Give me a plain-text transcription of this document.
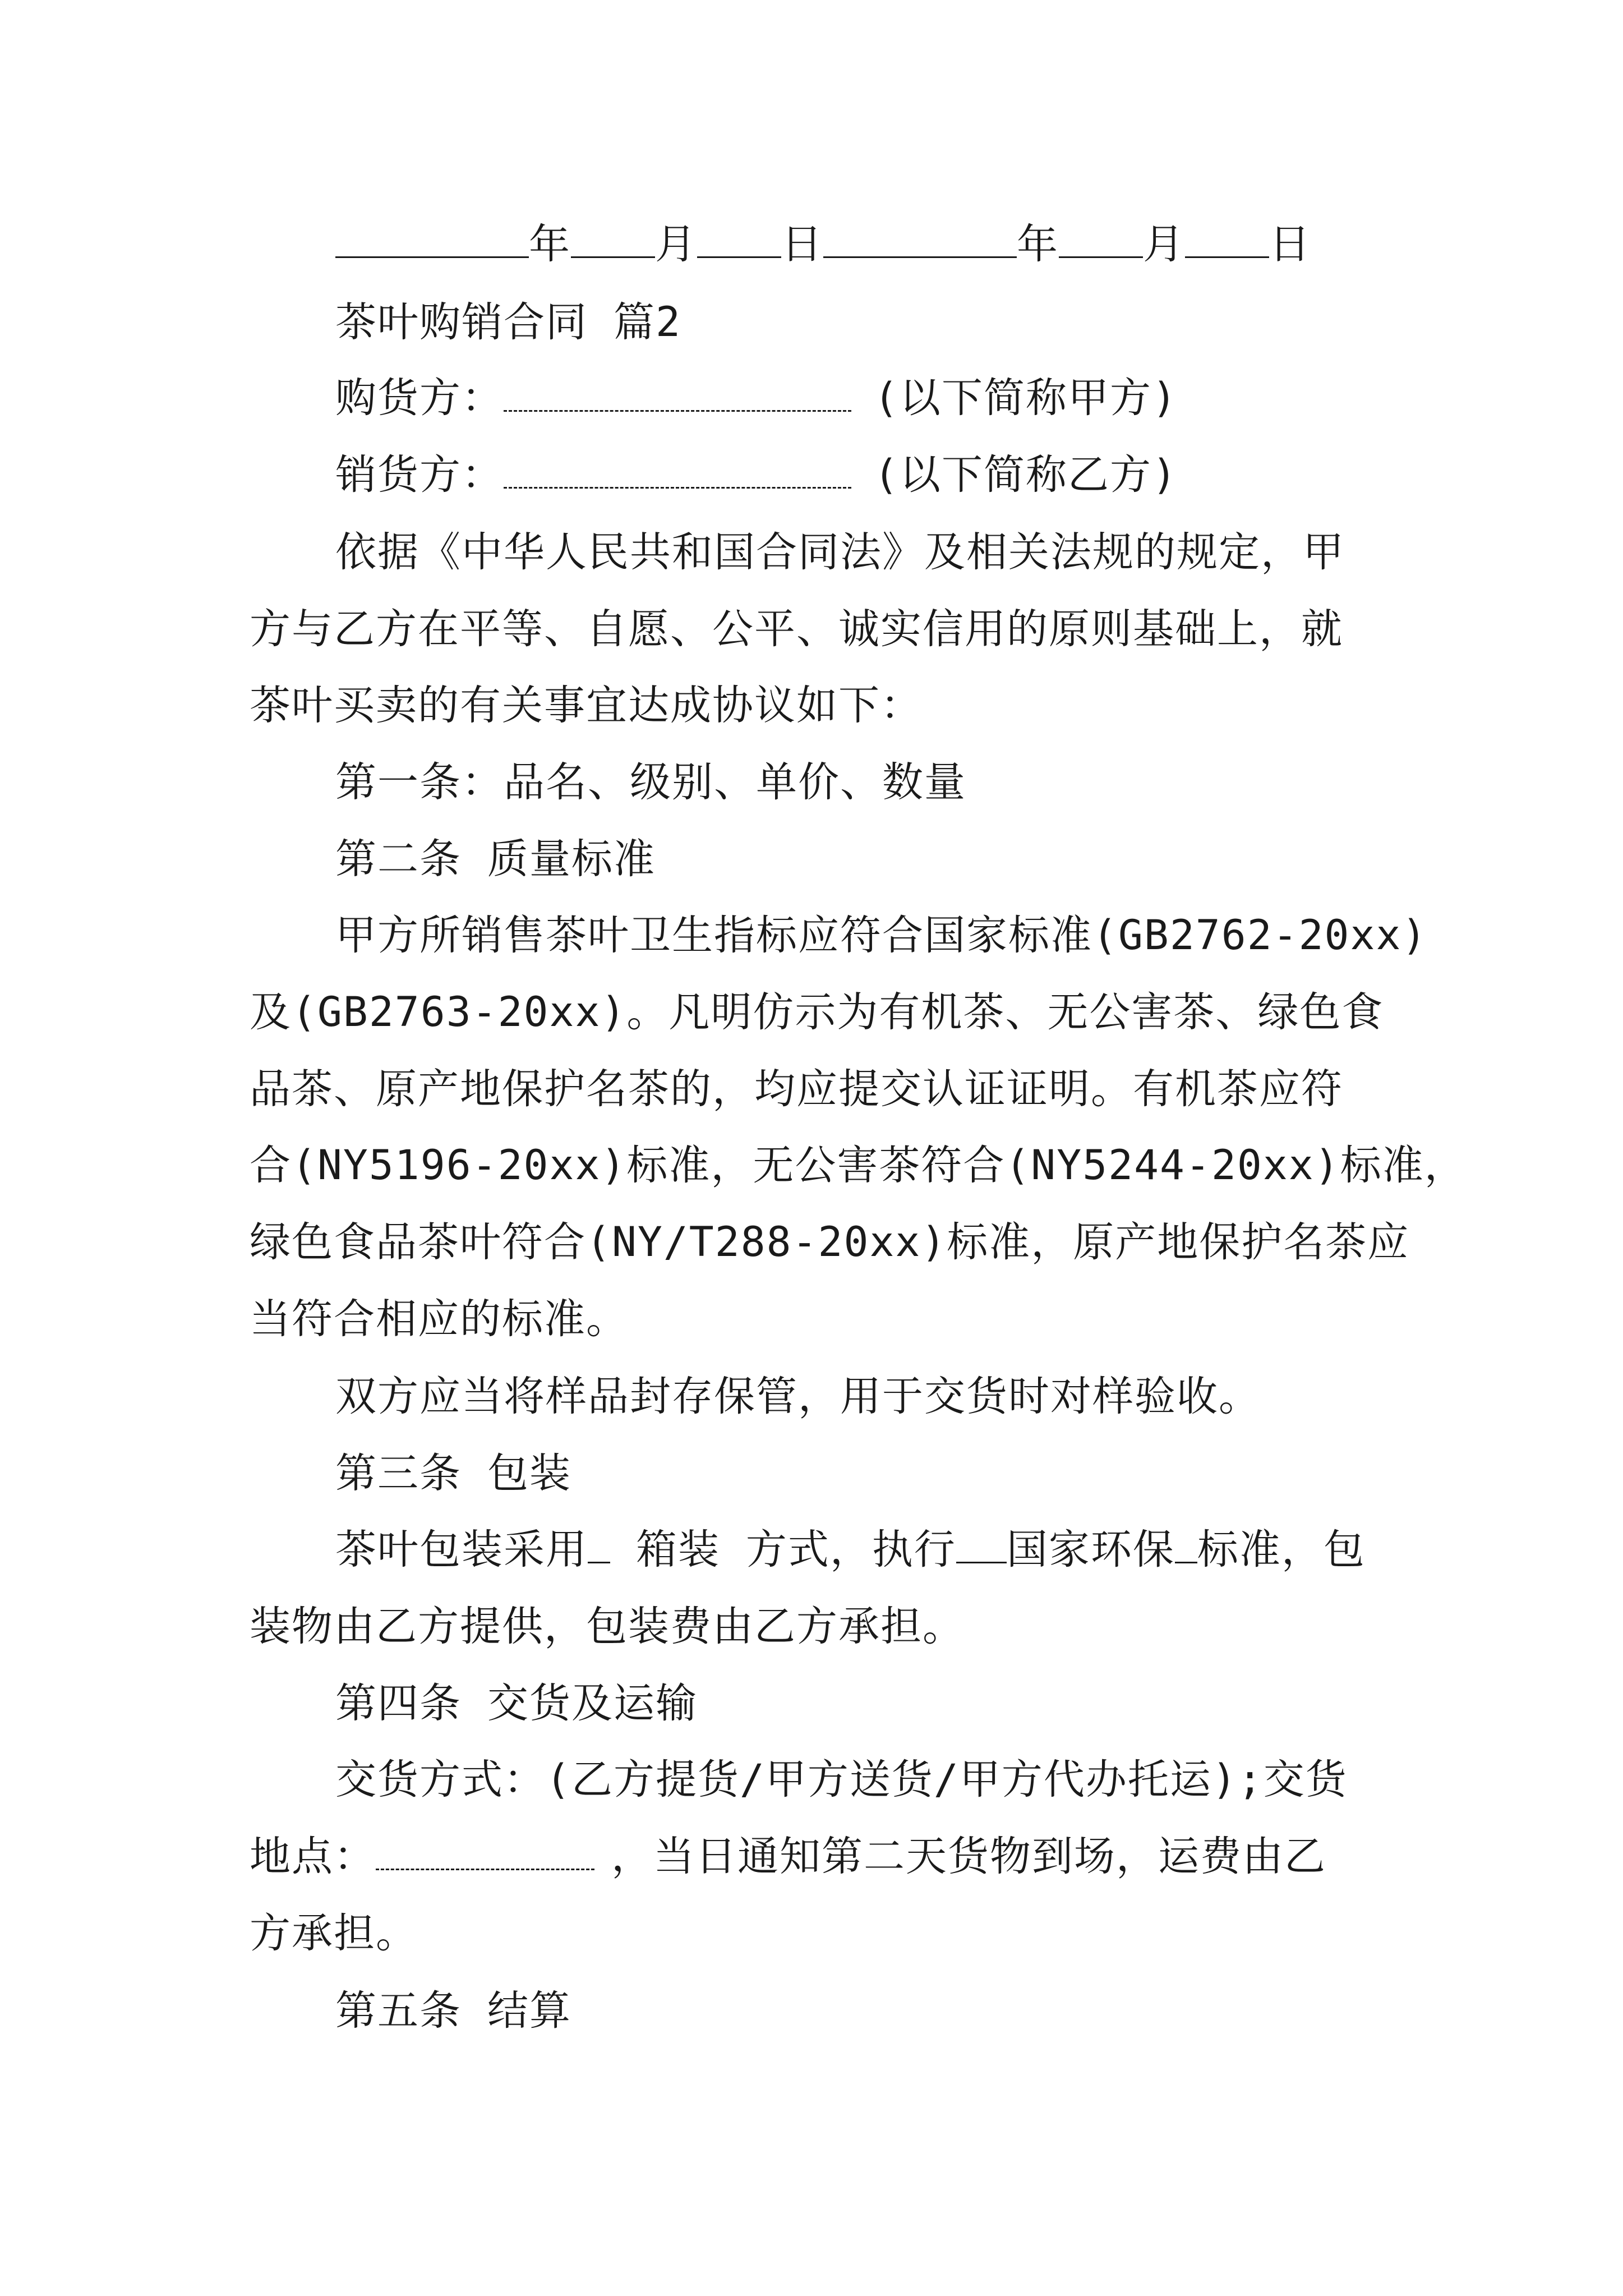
年 月 日	年 月 日
茶叶购销合同 篇2
购货方：	(以下简称甲方)
销货方：	(以下简称乙方)
依据《中华人民共和国合同法》及相关法规的规定，甲
方与乙方在平等、自愿、公平、诚实信用的原则基础上，就
茶叶买卖的有关事宜达成协议如下：
第一条：品名、级别、单价、数量
第二条 质量标准
甲方所销售茶叶卫生指标应符合国家标准(GB2762-20xx)
及(GB2763-20xx)。凡明仿示为有机茶、无公害茶、绿色食
品茶、原产地保护名茶的，均应提交认证证明。有机茶应符
合(NY5196-20xx)标准，无公害茶符合(NY5244-20xx)标准，
绿色食品茶叶符合(NY/T288-20xx)标准，原产地保护名茶应
当符合相应的标准。
双方应当将样品封存保管，用于交货时对样验收。
第三条 包装
茶叶包装采用 箱装 方式，执行 国家环保 标准，包
装物由乙方提供，包装费由乙方承担。
第四条 交货及运输
交货方式：(乙方提货/甲方送货/甲方代办托运);交货
地点：	，当日通知第二天货物到场，运费由乙
方承担。
第五条 结算
